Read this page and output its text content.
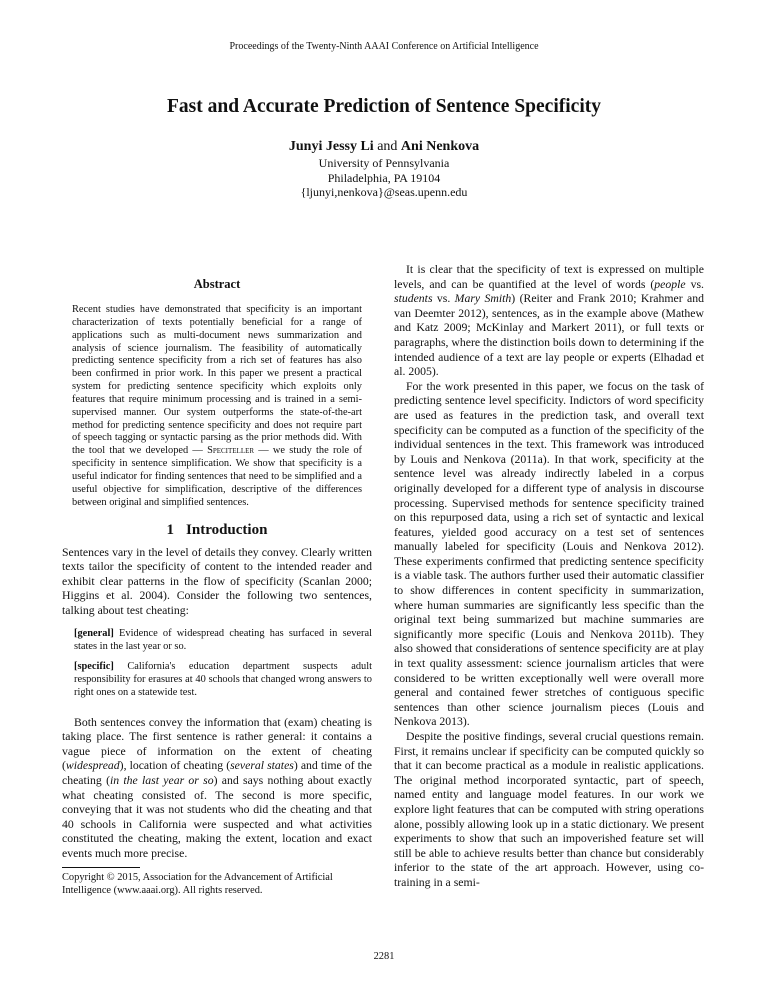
Proceedings of the Twenty-Ninth AAAI Conference on Artificial Intelligence
Fast and Accurate Prediction of Sentence Specificity
Junyi Jessy Li and Ani Nenkova
University of Pennsylvania
Philadelphia, PA 19104
{ljunyi,nenkova}@seas.upenn.edu
Abstract
Recent studies have demonstrated that specificity is an important characterization of texts potentially beneficial for a range of applications such as multi-document news summarization and analysis of science journalism. The feasibility of automatically predicting sentence specificity from a rich set of features has also been confirmed in prior work. In this paper we present a practical system for predicting sentence specificity which exploits only features that require minimum processing and is trained in a semi-supervised manner. Our system outperforms the state-of-the-art method for predicting sentence specificity and does not require part of speech tagging or syntactic parsing as the prior methods did. With the tool that we developed — Speciteller — we study the role of specificity in sentence simplification. We show that specificity is a useful indicator for finding sentences that need to be simplified and a useful objective for simplification, descriptive of the differences between original and simplified sentences.
1 Introduction

Sentences vary in the level of details they convey. Clearly written texts tailor the specificity of content to the intended reader and exhibit clear patterns in the flow of specificity (Scanlan 2000; Higgins et al. 2004). Consider the following two sentences, talking about test cheating:

[general] Evidence of widespread cheating has surfaced in several states in the last year or so.
[specific] California's education department suspects adult responsibility for erasures at 40 schools that changed wrong answers to right ones on a statewide test.

Both sentences convey the information that (exam) cheating is taking place. The first sentence is rather general: it contains a vague piece of information on the extent of cheating (widespread), location of cheating (several states) and time of the cheating (in the last year or so) and says nothing about exactly what cheating consisted of. The second is more specific, conveying that it was not students who did the cheating and that 40 schools in California were suspected and what activities constituted the cheating, making the extent, location and exact events much more precise.

Copyright © 2015, Association for the Advancement of Artificial Intelligence (www.aaai.org). All rights reserved.

It is clear that the specificity of text is expressed on multiple levels, and can be quantified at the level of words (people vs. students vs. Mary Smith) (Reiter and Frank 2010; Krahmer and van Deemter 2012), sentences, as in the example above (Mathew and Katz 2009; McKinlay and Markert 2011), or full texts or paragraphs, where the distinction boils down to determining if the intended audience of a text are lay people or experts (Elhadad et al. 2005).

For the work presented in this paper, we focus on the task of predicting sentence level specificity. Indictors of word specificity are used as features in the prediction task, and overall text specificity can be computed as a function of the specificity of the individual sentences in the text. This framework was introduced by Louis and Nenkova (2011a). In that work, specificity at the sentence level was already indirectly labeled in a corpus originally developed for a different type of analysis in discourse processing. Supervised methods for sentence specificity trained on this repurposed data, using a rich set of syntactic and lexical features, yielded good accuracy on a test set of sentences manually labeled for specificity (Louis and Nenkova 2012). These experiments confirmed that predicting sentence specificity is a viable task. The authors further used their automatic classifier to show differences in content specificity in summarization, where human summaries are significantly less specific than the original text being summarized but machine summaries are significantly more specific (Louis and Nenkova 2011b). They also showed that considerations of sentence specificity are at play in text quality assessment: science journalism articles that were considered to be written exceptionally well were overall more general and contained fewer stretches of contiguous specific sentences than other science journalism pieces (Louis and Nenkova 2013).

Despite the positive findings, several crucial questions remain. First, it remains unclear if specificity can be computed quickly so that it can become practical as a module in realistic applications. The original method incorporated syntactic, part of speech, named entity and language model features. In our work we explore light features that can be computed with string operations alone, possibly allowing look up in a static dictionary. We present experiments to show that such an impoverished feature set will still be able to achieve results better than chance but considerably inferior to the state of the art approach. However, using co-training in a semi-

2281
